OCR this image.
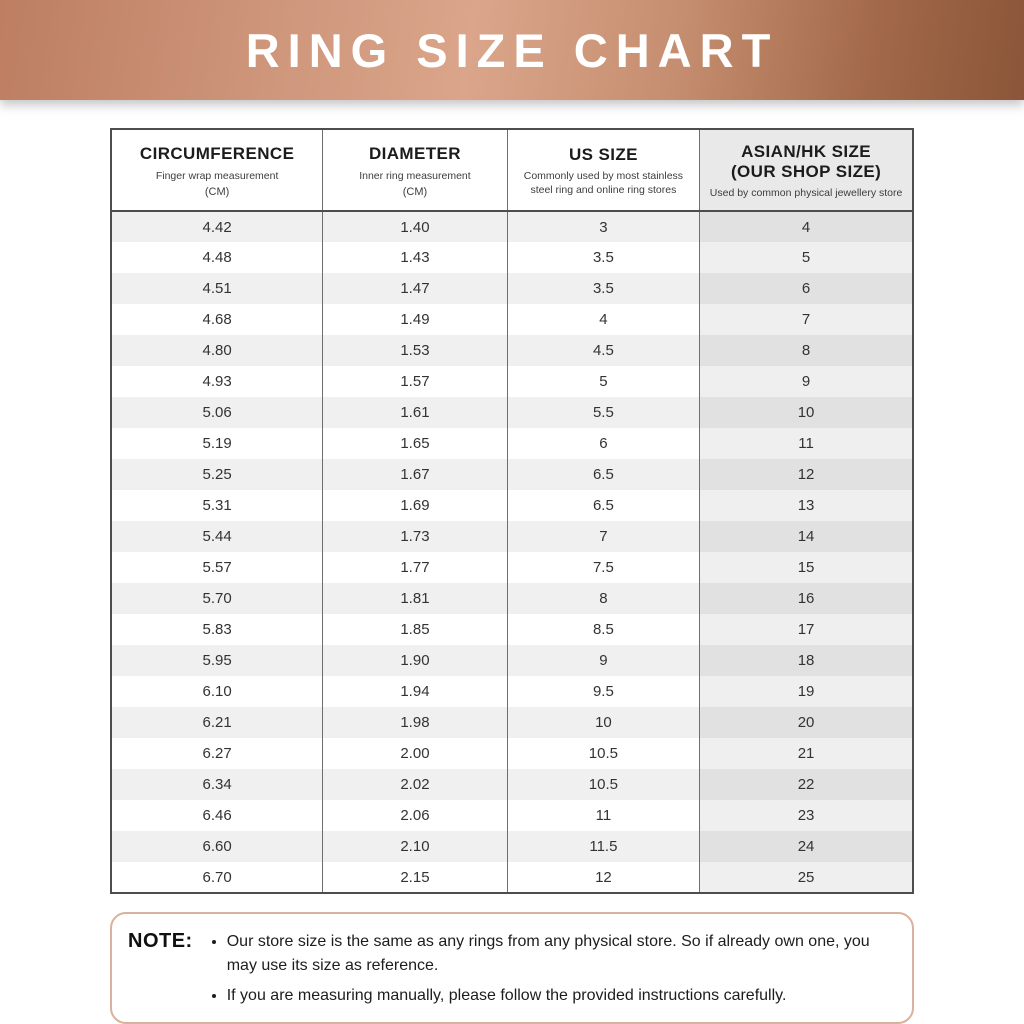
RING SIZE CHART
CIRCUMFERENCE
Finger wrap measurement
(CM)

DIAMETER
Inner ring measurement
(CM)

US SIZE
Commonly used by most stainless steel ring and online ring stores

ASIAN/HK SIZE
(OUR SHOP SIZE)
Used by common physical jewellery store

4.42	1.40	3	4
4.48	1.43	3.5	5
4.51	1.47	3.5	6
4.68	1.49	4	7
4.80	1.53	4.5	8
4.93	1.57	5	9
5.06	1.61	5.5	10
5.19	1.65	6	11
5.25	1.67	6.5	12
5.31	1.69	6.5	13
5.44	1.73	7	14
5.57	1.77	7.5	15
5.70	1.81	8	16
5.83	1.85	8.5	17
5.95	1.90	9	18
6.10	1.94	9.5	19
6.21	1.98	10	20
6.27	2.00	10.5	21
6.34	2.02	10.5	22
6.46	2.06	11	23
6.60	2.10	11.5	24
6.70	2.15	12	25
NOTE: • Our store size is the same as any rings from any physical store. So if already own one, you may use its size as reference.
• If you are measuring manually, please follow the provided instructions carefully.
